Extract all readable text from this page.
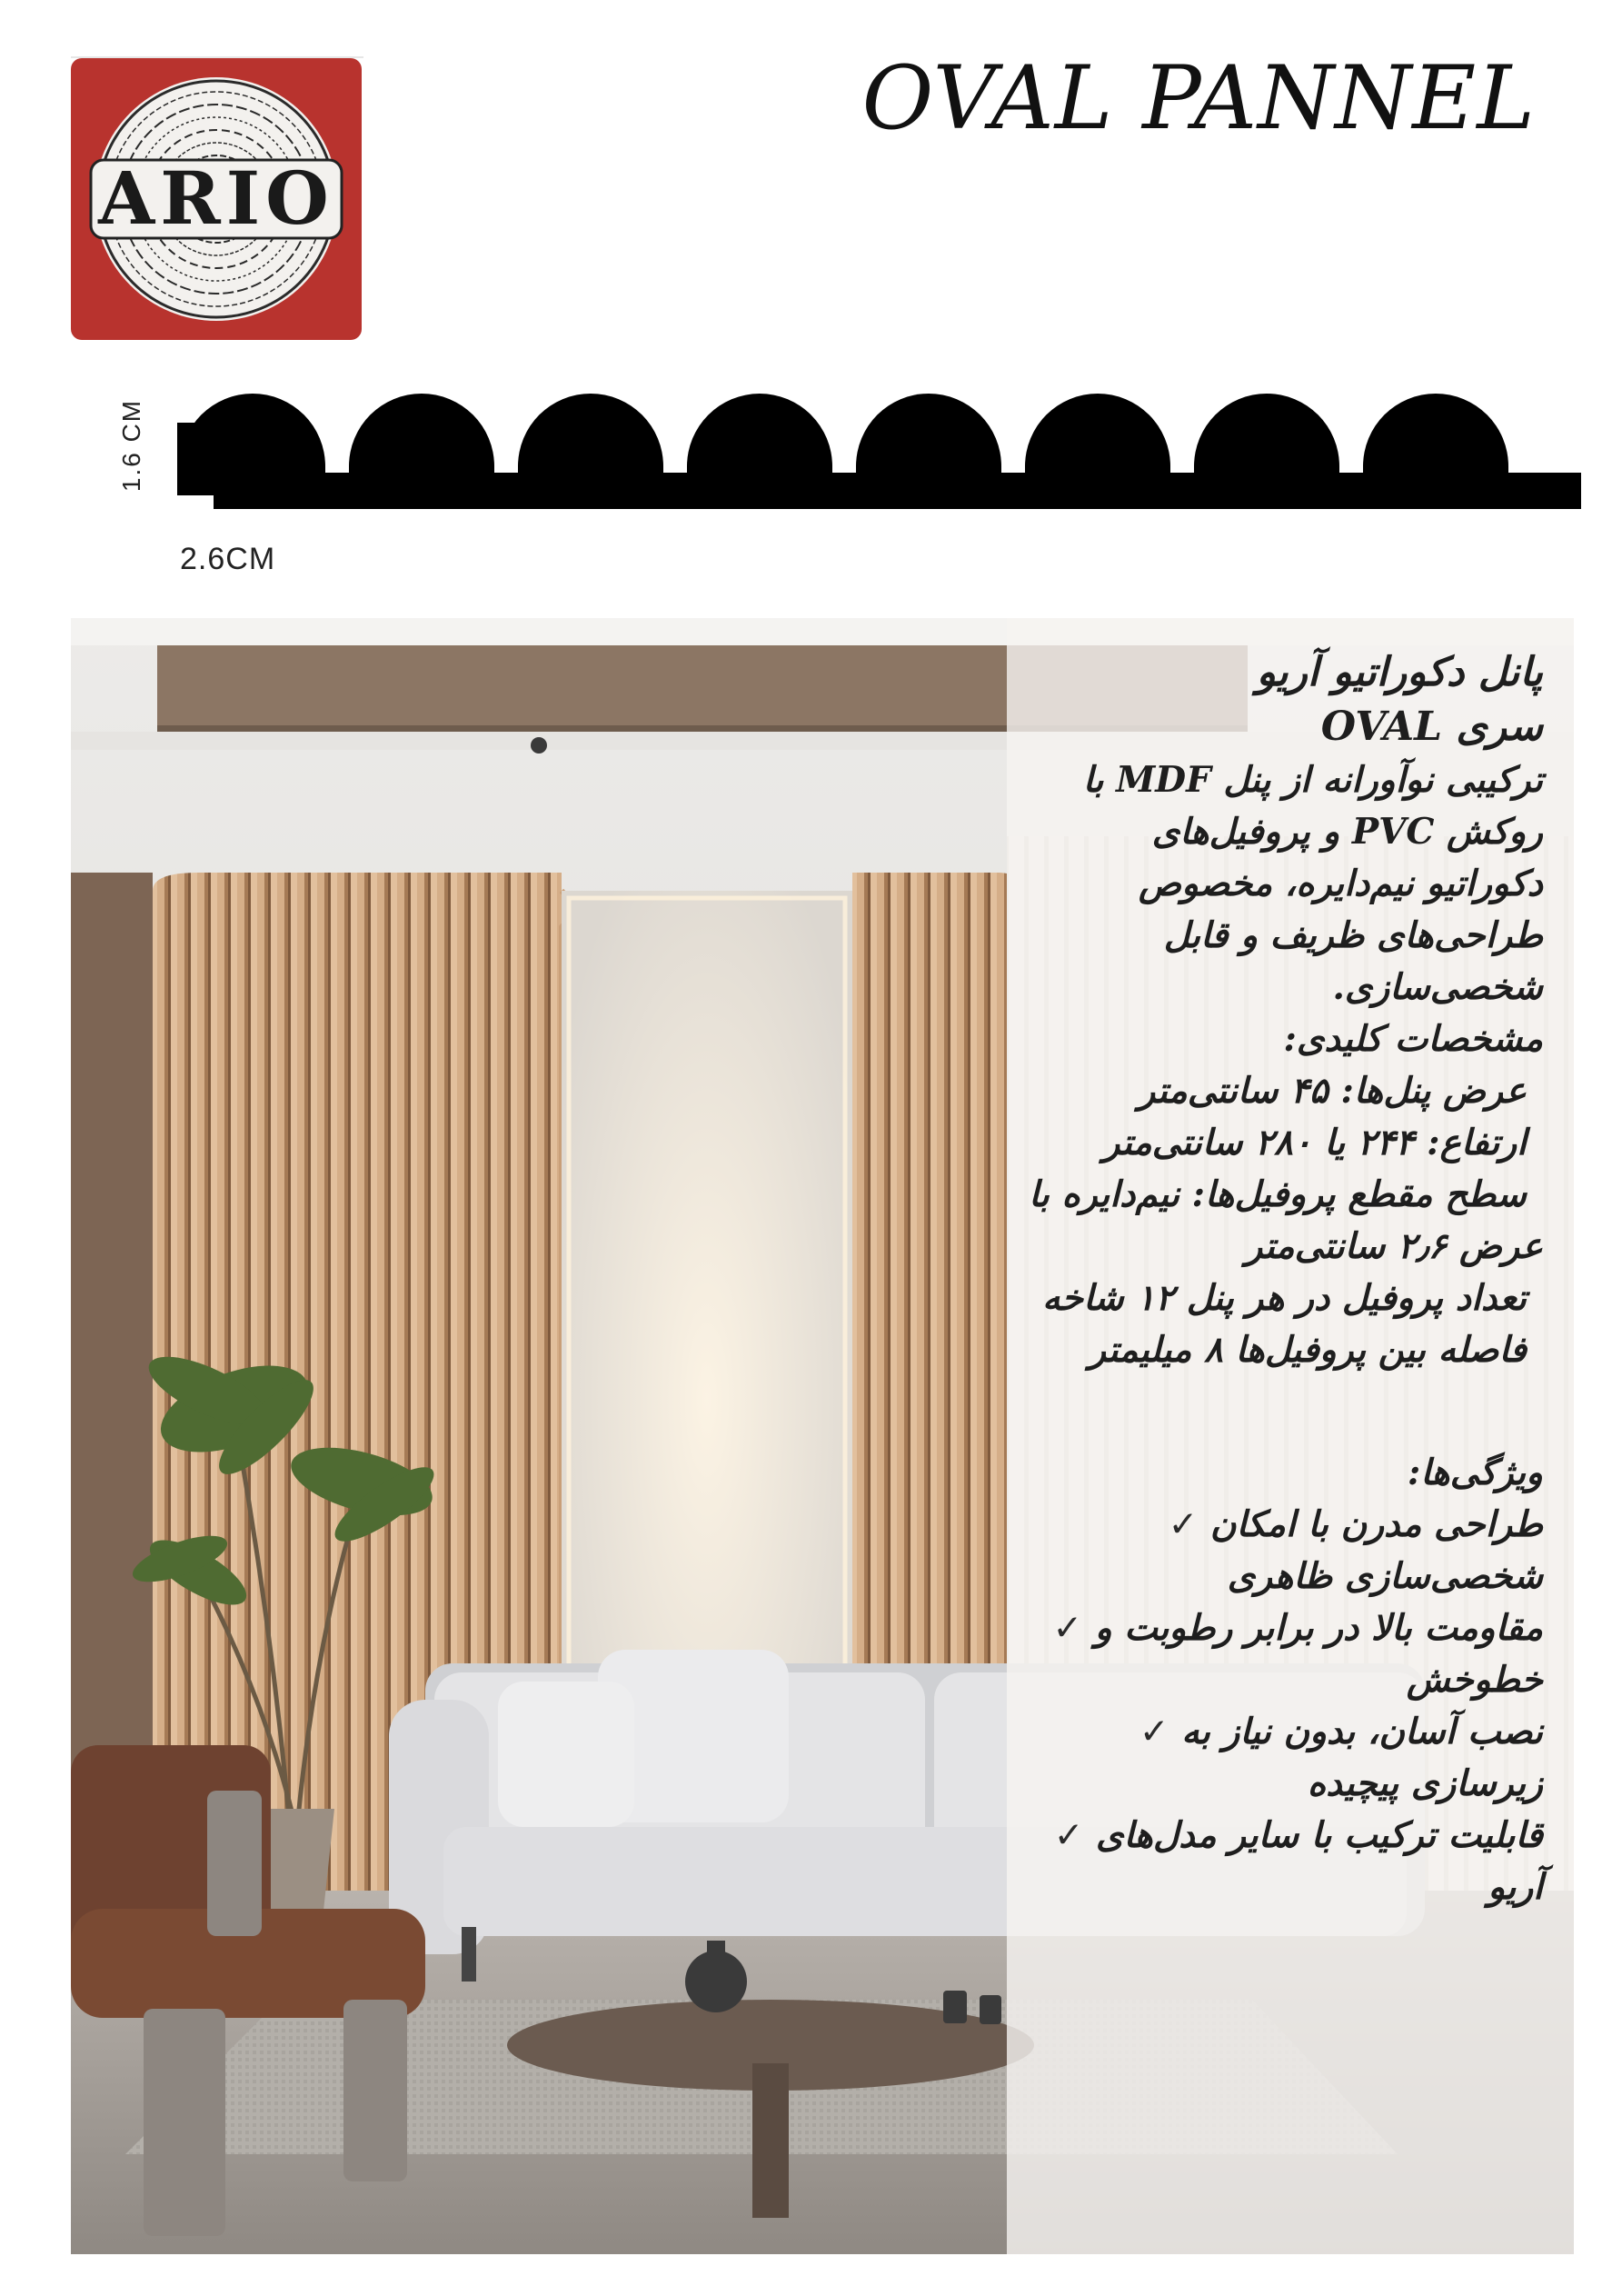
ARIO
OVAL PANNEL
1.6 CM
2.6CM
پانل دکوراتیو آریو
سری OVAL
ترکیبی نوآورانه از پنل MDF با
روکش PVC و پروفیل‌های
دکوراتیو نیم‌دایره، مخصوص
طراحی‌های ظریف و قابل
شخصی‌سازی.
مشخصات کلیدی:
عرض پنل‌ها: ۴۵ سانتی‌متر
ارتفاع: ۲۴۴ یا ۲۸۰ سانتی‌متر
سطح مقطع پروفیل‌ها: نیم‌دایره با
عرض ۲٫۶ سانتی‌متر
تعداد پروفیل در هر پنل ۱۲ شاخه
فاصله بین پروفیل‌ها ۸ میلیمتر
ویژگی‌ها:
طراحی مدرن با امکان ✓
شخصی‌سازی ظاهری
مقاومت بالا در برابر رطوبت و ✓
خطوخش
نصب آسان، بدون نیاز به ✓
زیرسازی پیچیده
قابلیت ترکیب با سایر مدل‌های ✓
آریو
